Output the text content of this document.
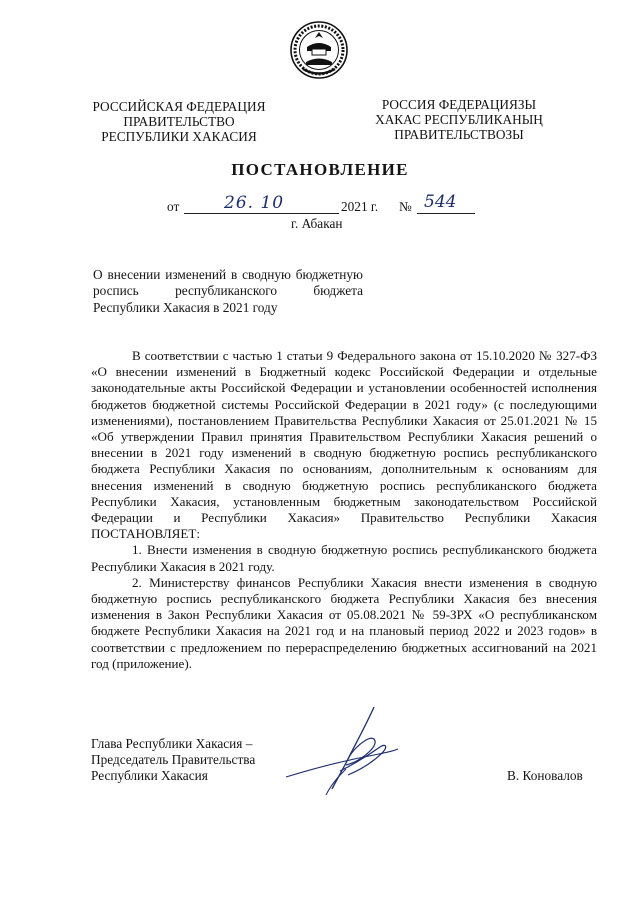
РОССИЙСКАЯ ФЕДЕРАЦИЯ
ПРАВИТЕЛЬСТВО
РЕСПУБЛИКИ ХАКАСИЯ
РОССИЯ ФЕДЕРАЦИЯЗЫ
ХАКАС РЕСПУБЛИКАНЫҢ
ПРАВИТЕЛЬСТВОЗЫ
ПОСТАНОВЛЕНИЕ
от	26. 10	2021 г. № 544
г. Абакан
О внесении изменений в сводную бюджетную роспись республиканского бюджета Республики Хакасия в 2021 году

В соответствии с частью 1 статьи 9 Федерального закона от 15.10.2020 № 327-ФЗ «О внесении изменений в Бюджетный кодекс Российской Федерации и отдельные законодательные акты Российской Федерации и установлении особенностей исполнения бюджетов бюджетной системы Российской Федерации в 2021 году» (с последующими изменениями), постановлением Правительства Республики Хакасия от 25.01.2021 № 15 «Об утверждении Правил принятия Правительством Республики Хакасия решений о внесении в 2021 году изменений в сводную бюджетную роспись республиканского бюджета Республики Хакасия по основаниям, дополнительным к основаниям для внесения изменений в сводную бюджетную роспись республиканского бюджета Республики Хакасия, установленным бюджетным законодательством Российской Федерации и Республики Хакасия» Правительство Республики Хакасия ПОСТАНОВЛЯЕТ:

1. Внести изменения в сводную бюджетную роспись республиканского бюджета Республики Хакасия в 2021 году.

2. Министерству финансов Республики Хакасия внести изменения в сводную бюджетную роспись республиканского бюджета Республики Хакасия без внесения изменения в Закон Республики Хакасия от 05.08.2021 № 59-ЗРХ «О республиканском бюджете Республики Хакасия на 2021 год и на плановый период 2022 и 2023 годов» в соответствии с предложением по перераспределению бюджетных ассигнований на 2021 год (приложение).

Глава Республики Хакасия –
Председатель Правительства
Республики Хакасия	В. Коновалов
